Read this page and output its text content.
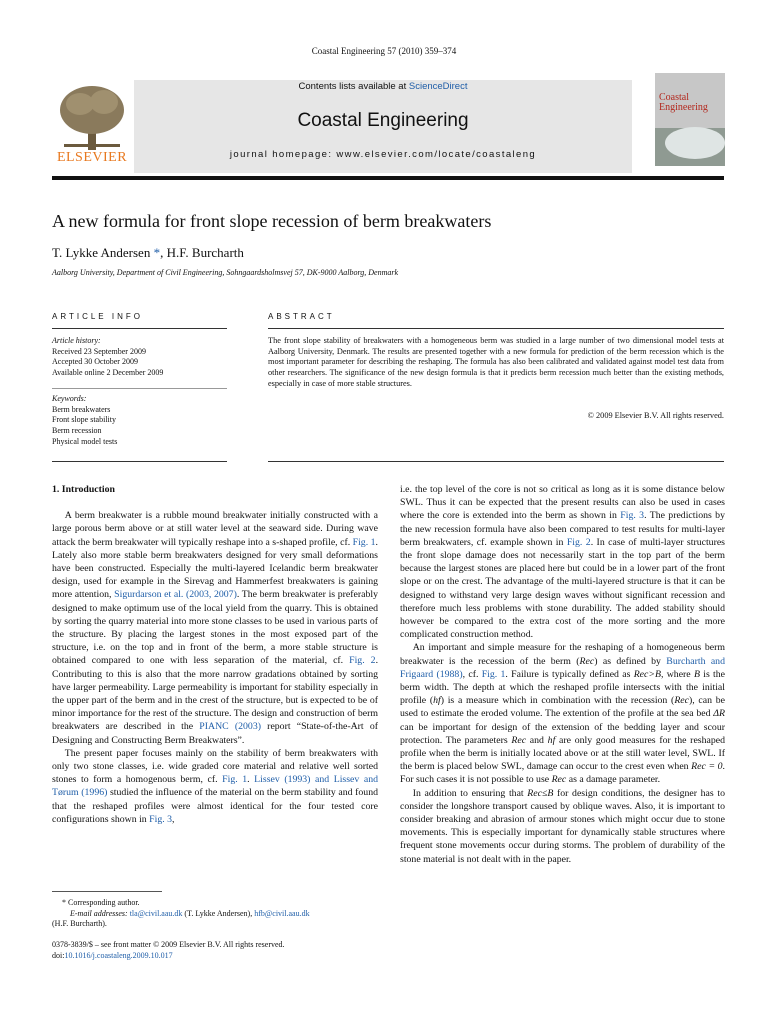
Coastal Engineering 57 (2010) 359–374
ELSEVIER
Contents lists available at ScienceDirect
Coastal Engineering
journal homepage: www.elsevier.com/locate/coastaleng
Coastal
Engineering
A new formula for front slope recession of berm breakwaters
T. Lykke Andersen *, H.F. Burcharth
Aalborg University, Department of Civil Engineering, Sohngaardsholmsvej 57, DK-9000 Aalborg, Denmark
ARTICLE INFO
Article history:
Received 23 September 2009
Accepted 30 October 2009
Available online 2 December 2009
Keywords:
Berm breakwaters
Front slope stability
Berm recession
Physical model tests
ABSTRACT

The front slope stability of breakwaters with a homogeneous berm was studied in a large number of two dimensional model tests at Aalborg University, Denmark. The results are presented together with a new formula for prediction of the berm recession which is the most important parameter for describing the reshaping. The formula has also been calibrated and validated against model test data from other researchers. The significance of the new design formula is that it predicts berm recession much better than the existing methods, especially in case of more stable structures.

© 2009 Elsevier B.V. All rights reserved.

1. Introduction

A berm breakwater is a rubble mound breakwater initially constructed with a large porous berm above or at still water level at the seaward side. During wave attack the berm breakwater will typically reshape into a s-shaped profile, cf. Fig. 1. Lately also more stable berm breakwaters designed for very small deformations have been constructed. Especially the multi-layered Icelandic berm breakwater design, used for example in the Sirevag and Hammerfest breakwaters is gaining more attention, Sigurdarson et al. (2003, 2007). The berm breakwater is preferably designed to make optimum use of the local yield from the quarry. This is obtained by sorting the quarry material into more stone classes to be used in various parts of the structure. By placing the largest stones in the most exposed part of the structure, i.e. on the top and in front of the berm, a more stable structure is obtained compared to one with less separation of the material, cf. Fig. 2. Contributing to this is also that the more narrow gradations obtained by sorting have larger permeability. Large permeability is important for stability especially in the upper part of the berm and in the crest of the structure, but is expected to be of minor importance for the rest of the structure. The design and construction of berm breakwaters are described in the PIANC (2003) report “State-of-the-Art of Designing and Constructing Berm Breakwaters”.

The present paper focuses mainly on the stability of berm breakwaters with only two stone classes, i.e. wide graded core material and relative well sorted stones to form a homogenous berm, cf. Fig. 1. Lissev (1993) and Lissev and Tørum (1996) studied the influence of the material on the berm stability and found that the reshaped profiles were almost identical for the four tested core configurations shown in Fig. 3,

i.e. the top level of the core is not so critical as long as it is some distance below SWL. Thus it can be expected that the present results can also be used in cases where the core is extended into the berm as shown in Fig. 3. The predictions by the new recession formula have also been compared to test results for multi-layer berm breakwaters, cf. example shown in Fig. 2. In case of multi-layer structures the front slope damage does not necessarily start in the top part of the berm because the largest stones are placed here but could be in a lower part of the front slope or on the crest. The advantage of the multi-layered structure is that it can be designed to withstand very large design waves without significant recession and therefore much less problems with stone durability. The added stability should however be compared to the extra cost of the more sorting and the more complicated construction method.

An important and simple measure for the reshaping of a homogeneous berm breakwater is the recession of the berm (Rec) as defined by Burcharth and Frigaard (1988), cf. Fig. 1. Failure is typically defined as Rec>B, where B is the berm width. The depth at which the reshaped profile intersects with the initial profile (hf) is a measure which in combination with the recession (Rec), can be used to estimate the eroded volume. The extention of the profile at the sea bed ΔR can be important for design of the extension of the bedding layer and scour protection. The parameters Rec and hf are only good measures for the reshaped profile when the berm is initially located above or at the still water level, SWL. If the berm is placed below SWL, damage can occur to the crest even when Rec = 0. For such cases it is not possible to use Rec as a damage parameter.

In addition to ensuring that Rec≤B for design conditions, the designer has to consider the longshore transport caused by oblique waves. Also, it is important to consider breaking and abrasion of armour stones which might occur due to stone movements. This is especially important for dynamically stable structures where frequent stone movements occur during storms. The problem of durability of the stone material is not dealt with in the paper.

* Corresponding author.
E-mail addresses: tla@civil.aau.dk (T. Lykke Andersen), hfb@civil.aau.dk
(H.F. Burcharth).
0378-3839/$ – see front matter © 2009 Elsevier B.V. All rights reserved.
doi:10.1016/j.coastaleng.2009.10.017
